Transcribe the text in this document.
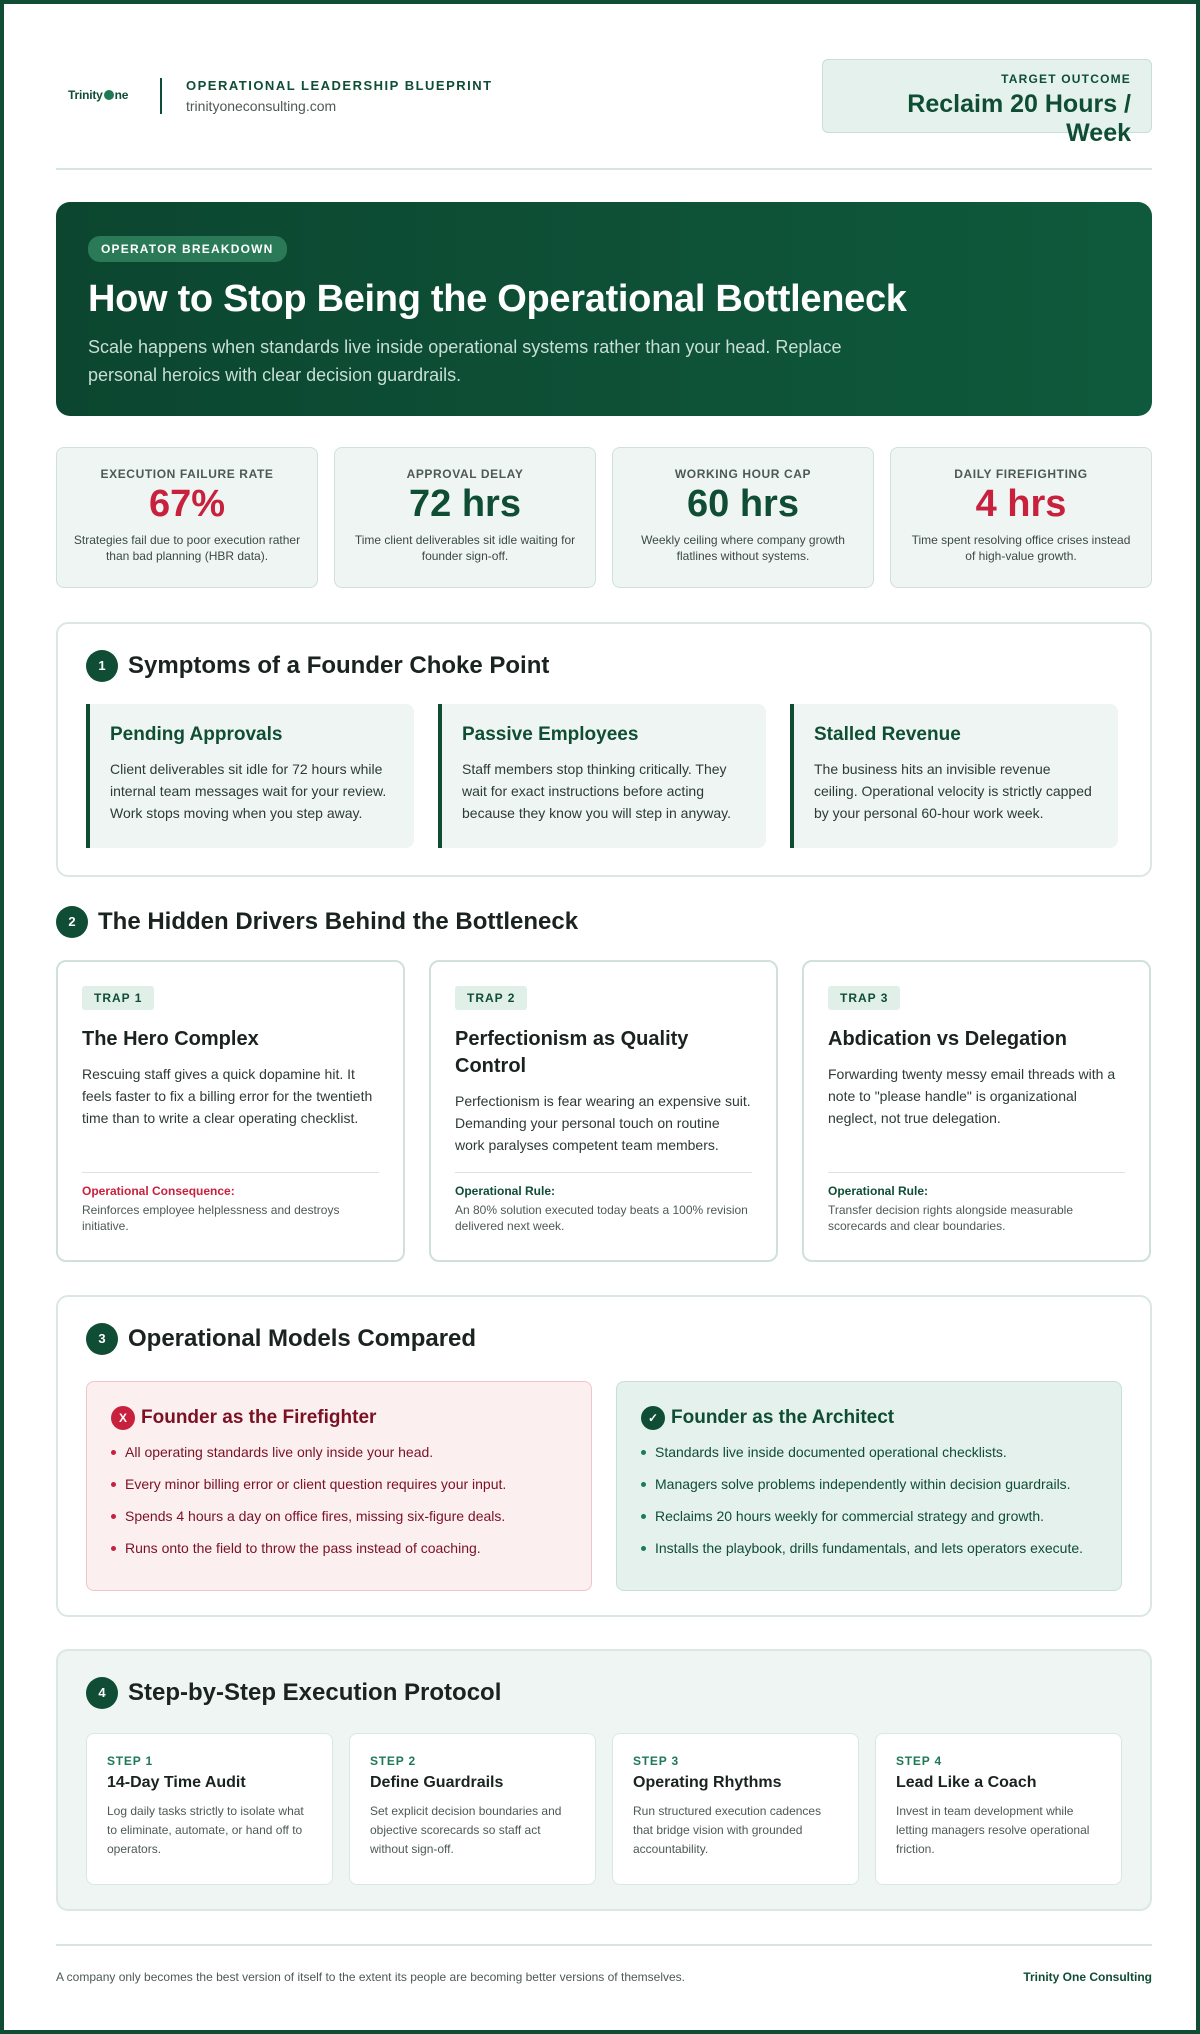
Trinity ne
OPERATIONAL LEADERSHIP BLUEPRINT
trinityoneconsulting.com
TARGET OUTCOME
Reclaim 20 Hours / Week
OPERATOR BREAKDOWN
How to Stop Being the Operational Bottleneck
Scale happens when standards live inside operational systems rather than your head. Replace personal heroics with clear decision guardrails.
EXECUTION FAILURE RATE
67%
Strategies fail due to poor execution rather than bad planning (HBR data).
APPROVAL DELAY
72 hrs
Time client deliverables sit idle waiting for founder sign-off.
WORKING HOUR CAP
60 hrs
Weekly ceiling where company growth flatlines without systems.
DAILY FIREFIGHTING
4 hrs
Time spent resolving office crises instead of high-value growth.
1 Symptoms of a Founder Choke Point
Pending Approvals
Client deliverables sit idle for 72 hours while internal team messages wait for your review. Work stops moving when you step away.
Passive Employees
Staff members stop thinking critically. They wait for exact instructions before acting because they know you will step in anyway.
Stalled Revenue
The business hits an invisible revenue ceiling. Operational velocity is strictly capped by your personal 60-hour work week.
2 The Hidden Drivers Behind the Bottleneck
TRAP 1
The Hero Complex
Rescuing staff gives a quick dopamine hit. It feels faster to fix a billing error for the twentieth time than to write a clear operating checklist.
Operational Consequence:
Reinforces employee helplessness and destroys initiative.
TRAP 2
Perfectionism as Quality Control
Perfectionism is fear wearing an expensive suit. Demanding your personal touch on routine work paralyses competent team members.
Operational Rule:
An 80% solution executed today beats a 100% revision delivered next week.
TRAP 3
Abdication vs Delegation
Forwarding twenty messy email threads with a note to "please handle" is organizational neglect, not true delegation.
Operational Rule:
Transfer decision rights alongside measurable scorecards and clear boundaries.
3 Operational Models Compared
X Founder as the Firefighter
All operating standards live only inside your head.
Every minor billing error or client question requires your input.
Spends 4 hours a day on office fires, missing six-figure deals.
Runs onto the field to throw the pass instead of coaching.
✓ Founder as the Architect
Standards live inside documented operational checklists.
Managers solve problems independently within decision guardrails.
Reclaims 20 hours weekly for commercial strategy and growth.
Installs the playbook, drills fundamentals, and lets operators execute.
4 Step-by-Step Execution Protocol
STEP 1
14-Day Time Audit
Log daily tasks strictly to isolate what to eliminate, automate, or hand off to operators.
STEP 2
Define Guardrails
Set explicit decision boundaries and objective scorecards so staff act without sign-off.
STEP 3
Operating Rhythms
Run structured execution cadences that bridge vision with grounded accountability.
STEP 4
Lead Like a Coach
Invest in team development while letting managers resolve operational friction.
A company only becomes the best version of itself to the extent its people are becoming better versions of themselves.	Trinity One Consulting
